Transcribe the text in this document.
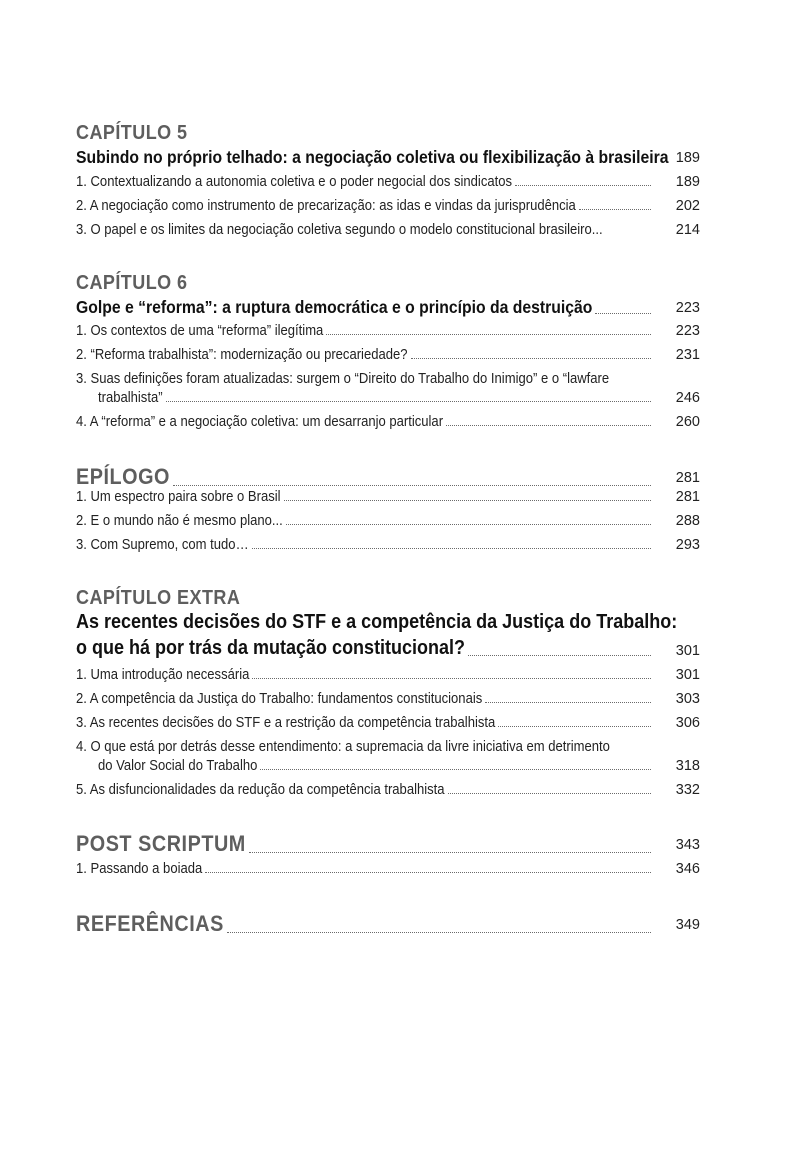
CAPÍTULO 5
Subindo no próprio telhado: a negociação coletiva ou flexibilização à brasileira 189
1. Contextualizando a autonomia coletiva e o poder negocial dos sindicatos	189
2. A negociação como instrumento de precarização: as idas e vindas da jurisprudência	202
3. O papel e os limites da negociação coletiva segundo o modelo constitucional brasileiro...	214
CAPÍTULO 6
Golpe e “reforma”: a ruptura democrática e o princípio da destruição	223
1. Os contextos de uma “reforma” ilegítima	223
2. “Reforma trabalhista”: modernização ou precariedade?	231
3. Suas definições foram atualizadas: surgem o “Direito do Trabalho do Inimigo” e o “lawfare
trabalhista”	246
4. A “reforma” e a negociação coletiva: um desarranjo particular	260
EPÍLOGO	281
1. Um espectro paira sobre o Brasil	281
2. E o mundo não é mesmo plano...	288
3. Com Supremo, com tudo…	293
CAPÍTULO EXTRA
As recentes decisões do STF e a competência da Justiça do Trabalho:
o que há por trás da mutação constitucional?	301
1. Uma introdução necessária	301
2. A competência da Justiça do Trabalho: fundamentos constitucionais	303
3. As recentes decisões do STF e a restrição da competência trabalhista	306
4. O que está por detrás desse entendimento: a supremacia da livre iniciativa em detrimento
do Valor Social do Trabalho	318
5. As disfuncionalidades da redução da competência trabalhista	332
POST SCRIPTUM	343
1. Passando a boiada	346
REFERÊNCIAS	349
